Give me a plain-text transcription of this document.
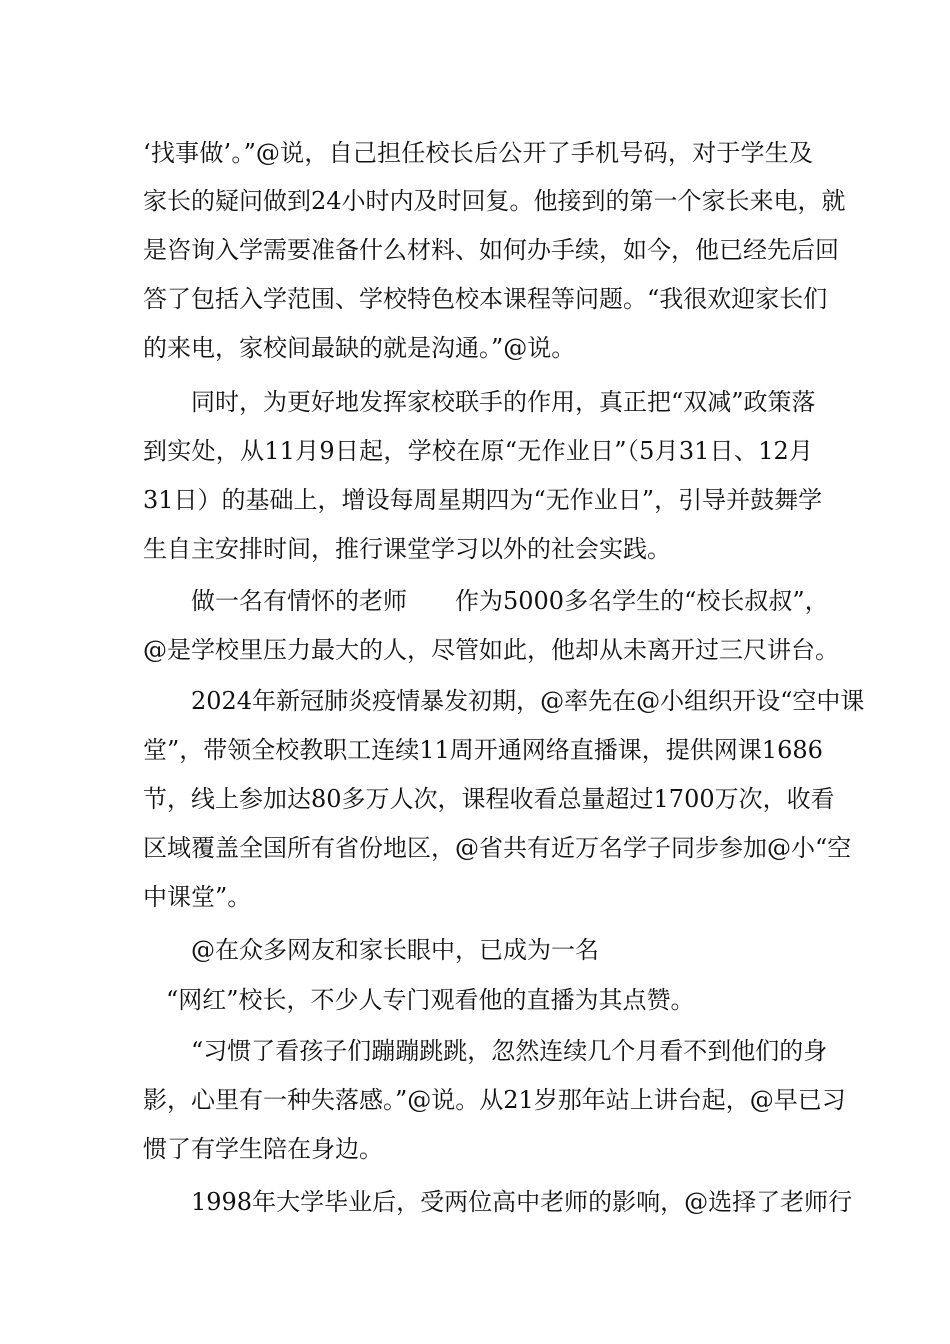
‘找事做’。”@说，自己担任校长后公开了手机号码，对于学生及
家长的疑问做到24小时内及时回复。他接到的第一个家长来电，就
是咨询入学需要准备什么材料、如何办手续，如今，他已经先后回
答了包括入学范围、学校特色校本课程等问题。“我很欢迎家长们
的来电，家校间最缺的就是沟通。”@说。
同时，为更好地发挥家校联手的作用，真正把“双减”政策落
到实处，从11月9日起，学校在原“无作业日”（5月31日、12月
31日）的基础上，增设每周星期四为“无作业日”，引导并鼓舞学
生自主安排时间，推行课堂学习以外的社会实践。
做一名有情怀的老师　　作为5000多名学生的“校长叔叔”，
@是学校里压力最大的人，尽管如此，他却从未离开过三尺讲台。
2024年新冠肺炎疫情暴发初期，@率先在@小组织开设“空中课
堂”，带领全校教职工连续11周开通网络直播课，提供网课1686
节，线上参加达80多万人次，课程收看总量超过1700万次，收看
区域覆盖全国所有省份地区，@省共有近万名学子同步参加@小“空
中课堂”。
@在众多网友和家长眼中，已成为一名
“网红”校长，不少人专门观看他的直播为其点赞。
“习惯了看孩子们蹦蹦跳跳，忽然连续几个月看不到他们的身
影，心里有一种失落感。”@说。从21岁那年站上讲台起，@早已习
惯了有学生陪在身边。
1998年大学毕业后，受两位高中老师的影响，@选择了老师行
